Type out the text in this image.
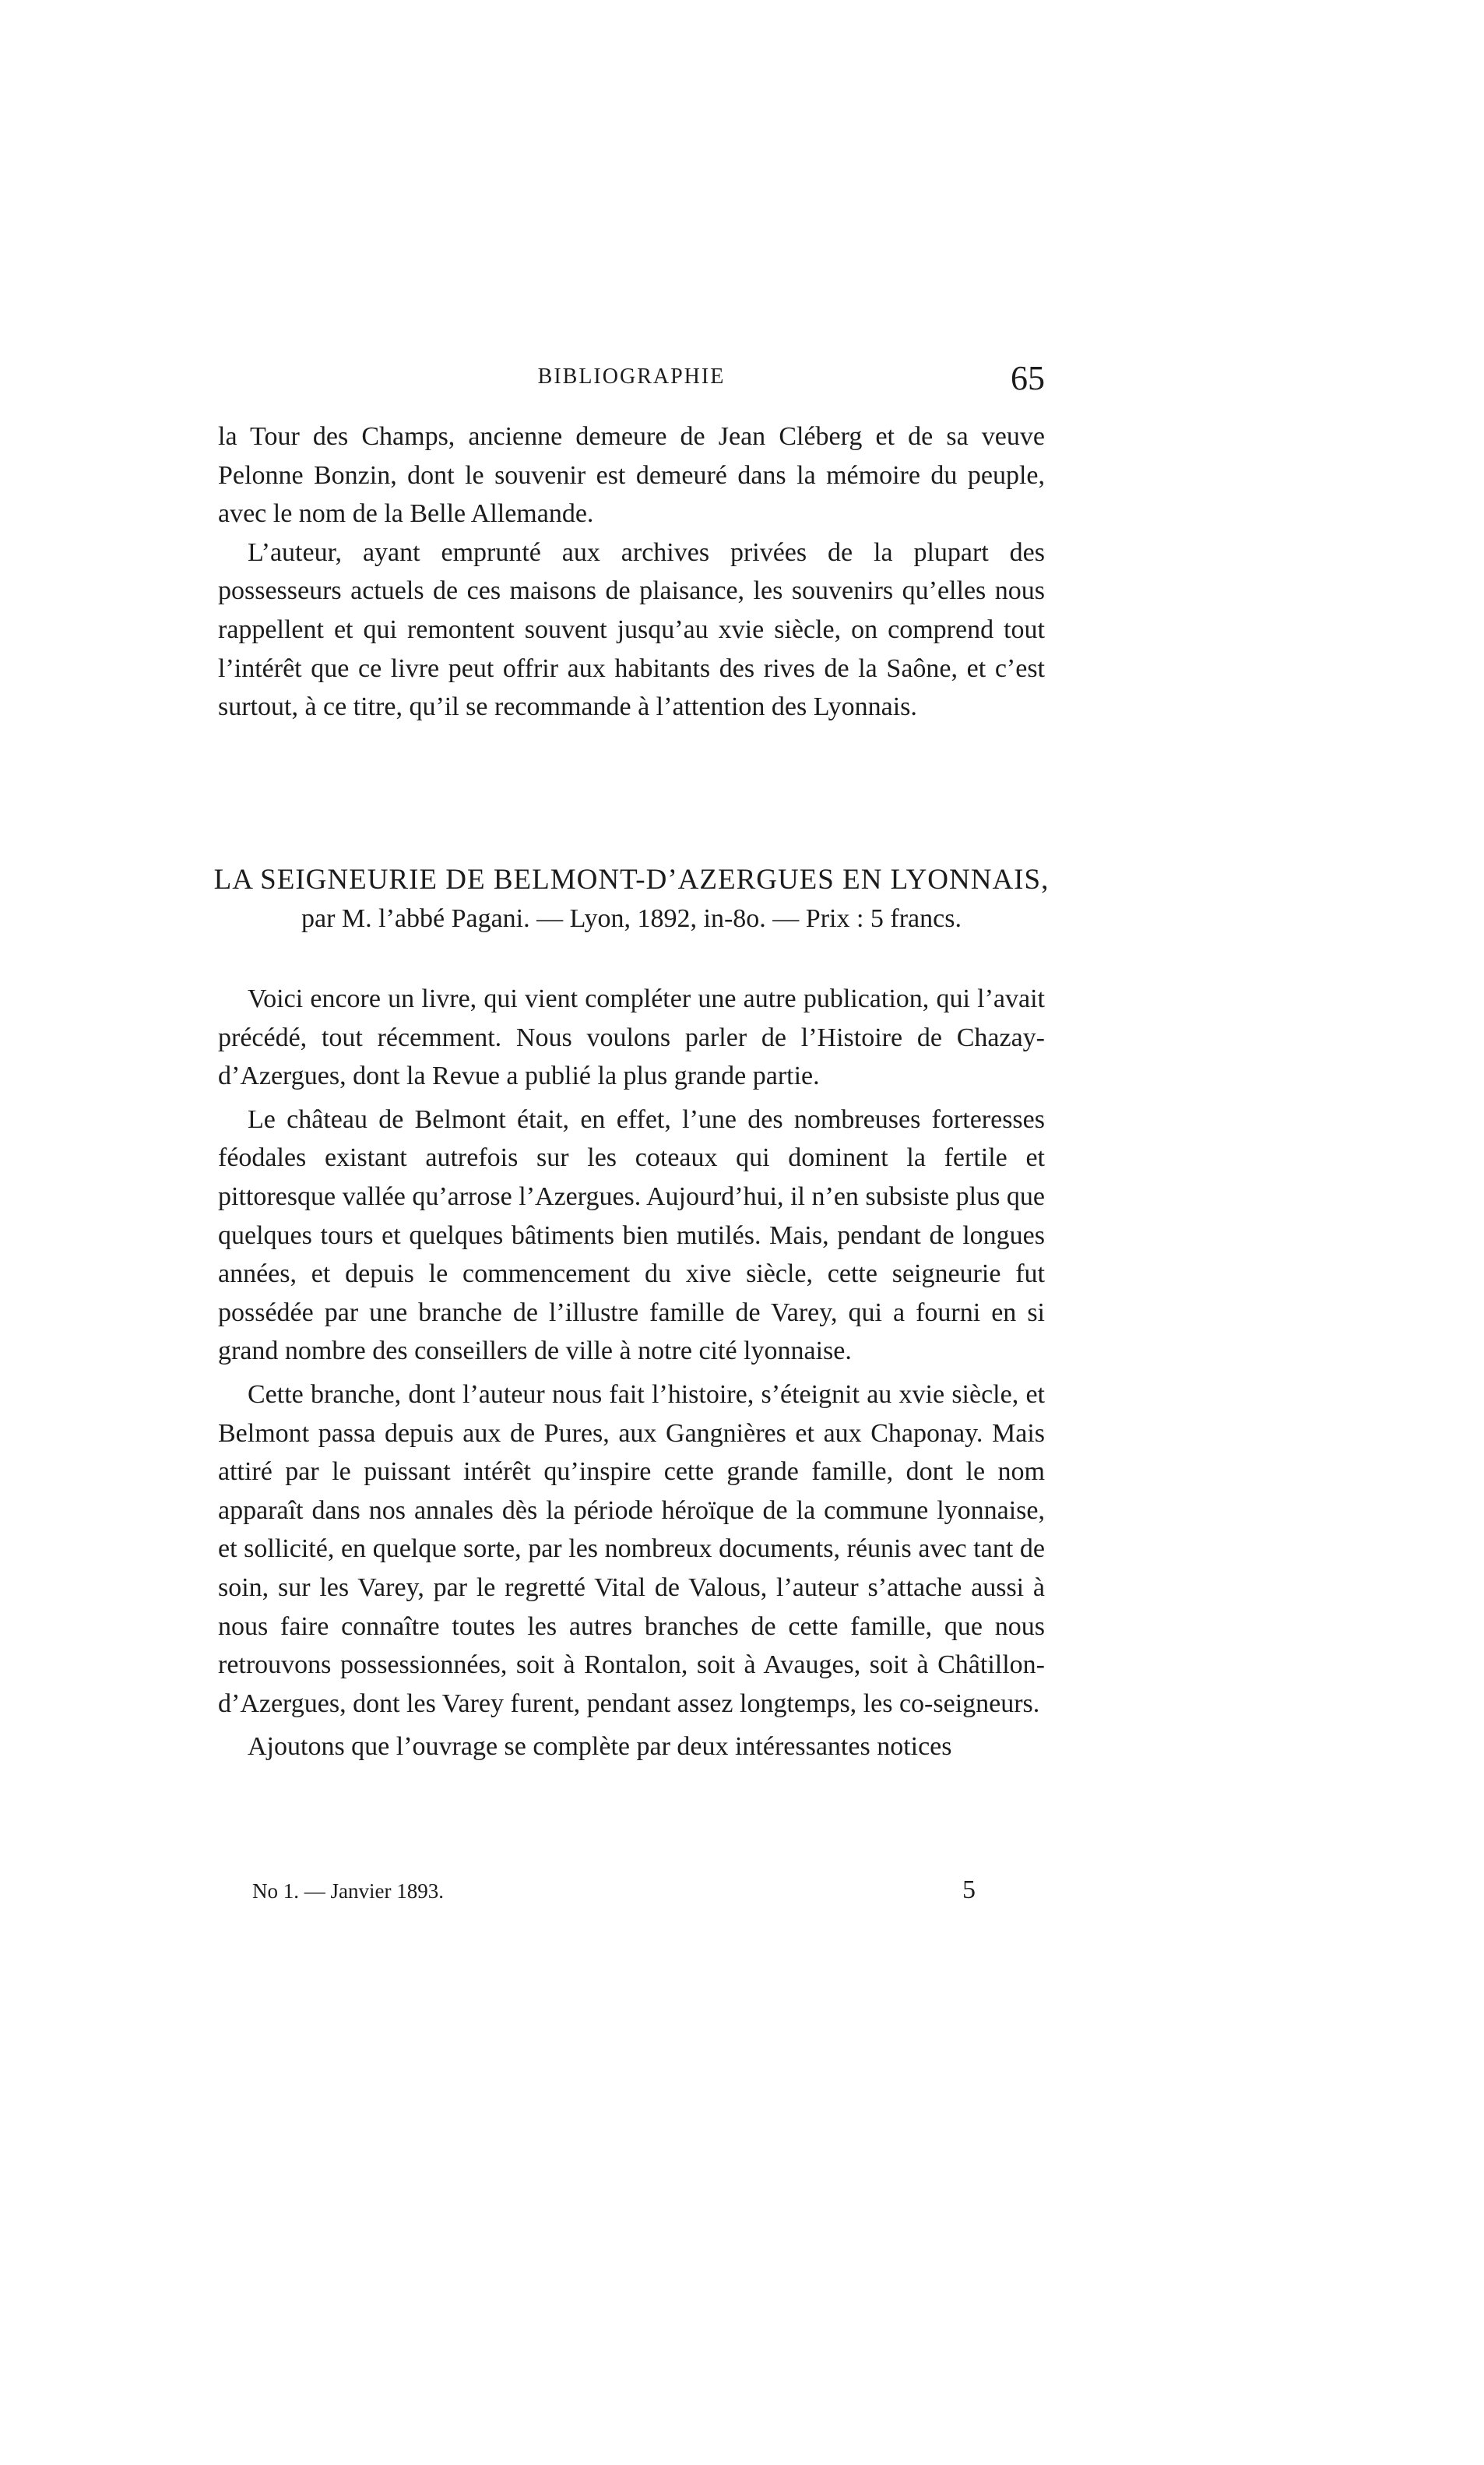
BIBLIOGRAPHIE	65

la Tour des Champs, ancienne demeure de Jean Cléberg et de sa veuve Pelonne Bonzin, dont le souvenir est demeuré dans la mémoire du peuple, avec le nom de la Belle Allemande.

L’auteur, ayant emprunté aux archives privées de la plupart des possesseurs actuels de ces maisons de plaisance, les souvenirs qu’elles nous rappellent et qui remontent souvent jusqu’au xvie siècle, on comprend tout l’intérêt que ce livre peut offrir aux habitants des rives de la Saône, et c’est surtout, à ce titre, qu’il se recommande à l’attention des Lyonnais.

LA SEIGNEURIE DE BELMONT-D’AZERGUES EN LYONNAIS,
par M. l’abbé Pagani. — Lyon, 1892, in-8o. — Prix : 5 francs.

Voici encore un livre, qui vient compléter une autre publication, qui l’avait précédé, tout récemment. Nous voulons parler de l’Histoire de Chazay-d’Azergues, dont la Revue a publié la plus grande partie.

Le château de Belmont était, en effet, l’une des nombreuses forteresses féodales existant autrefois sur les coteaux qui dominent la fertile et pittoresque vallée qu’arrose l’Azergues. Aujourd’hui, il n’en subsiste plus que quelques tours et quelques bâtiments bien mutilés. Mais, pendant de longues années, et depuis le commencement du xive siècle, cette seigneurie fut possédée par une branche de l’illustre famille de Varey, qui a fourni en si grand nombre des conseillers de ville à notre cité lyonnaise.

Cette branche, dont l’auteur nous fait l’histoire, s’éteignit au xvie siècle, et Belmont passa depuis aux de Pures, aux Gangnières et aux Chaponay. Mais attiré par le puissant intérêt qu’inspire cette grande famille, dont le nom apparaît dans nos annales dès la période héroïque de la commune lyonnaise, et sollicité, en quelque sorte, par les nombreux documents, réunis avec tant de soin, sur les Varey, par le regretté Vital de Valous, l’auteur s’attache aussi à nous faire connaître toutes les autres branches de cette famille, que nous retrouvons possessionnées, soit à Rontalon, soit à Avauges, soit à Châtillon-d’Azergues, dont les Varey furent, pendant assez longtemps, les co-seigneurs.

Ajoutons que l’ouvrage se complète par deux intéressantes notices

No 1. — Janvier 1893.	5
